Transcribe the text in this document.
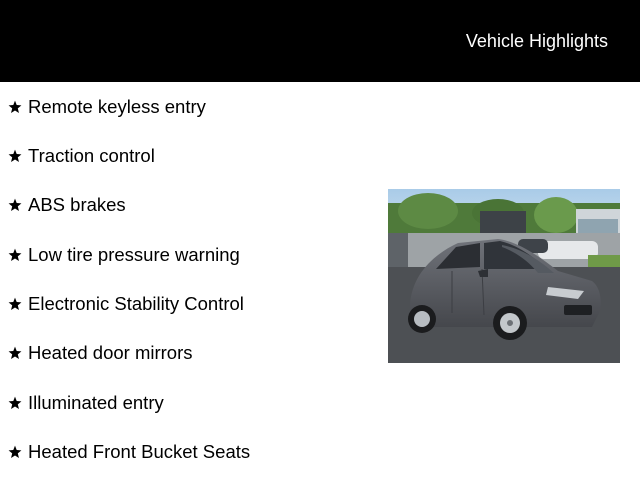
Vehicle Highlights
Remote keyless entry
Traction control
ABS brakes
Low tire pressure warning
Electronic Stability Control
Heated door mirrors
Illuminated entry
Heated Front Bucket Seats
